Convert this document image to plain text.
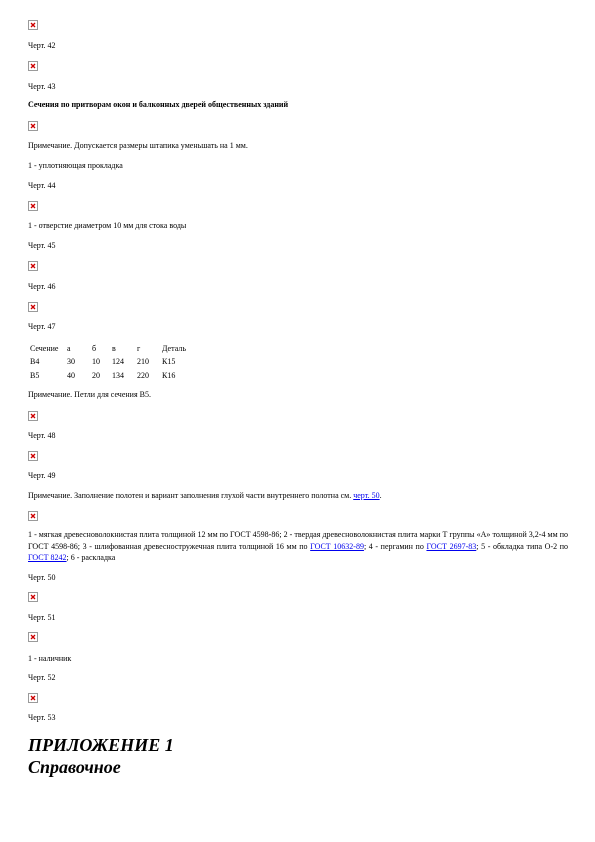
Черт. 42
Черт. 43
Сечения по притворам окон и балконных дверей общественных зданий
Примечание. Допускается размеры штапика уменьшать на 1 мм.
1 - уплотняющая прокладка
Черт. 44
1 - отверстие диаметром 10 мм для стока воды
Черт. 45
Черт. 46
Черт. 47
Сечение	а	б	в	г	Деталь
В4	30	10	124	210	К15
В5	40	20	134	220	К16
Примечание. Петли для сечения В5.
Черт. 48
Черт. 49
Примечание. Заполнение полотен и вариант заполнения глухой части внутреннего полотна см. черт. 50.
1 - мягкая древесноволокнистая плита толщиной 12 мм по ГОСТ 4598-86; 2 - твердая древесноволокнистая плита марки Т группы «А» толщиной 3,2-4 мм по ГОСТ 4598-86; 3 - шлифованная древесностружечная плита толщиной 16 мм по ГОСТ 10632-89; 4 - пергамин по ГОСТ 2697-83; 5 - обкладка типа О-2 по ГОСТ 8242; 6 - раскладка
Черт. 50
Черт. 51
1 - наличник
Черт. 52
Черт. 53
ПРИЛОЖЕНИЕ 1
Справочное
